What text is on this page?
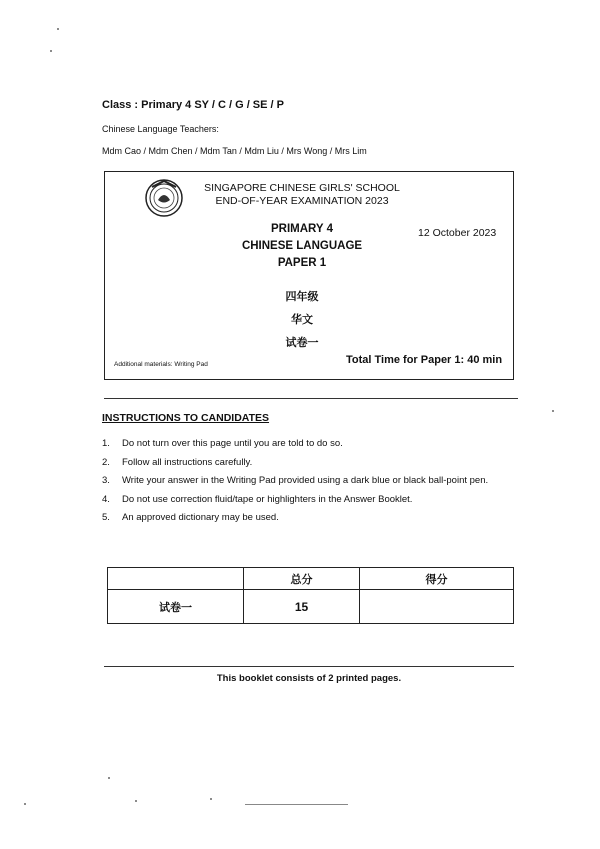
Class : Primary 4 SY / C / G / SE / P
Chinese Language Teachers:
Mdm Cao / Mdm Chen / Mdm Tan / Mdm Liu / Mrs Wong / Mrs Lim
SINGAPORE CHINESE GIRLS' SCHOOL
END-OF-YEAR EXAMINATION 2023
PRIMARY 4
CHINESE LANGUAGE
PAPER 1
12 October 2023
四年级
华文
试卷一
Additional materials: Writing Pad	Total Time for Paper 1: 40 min
INSTRUCTIONS TO CANDIDATES
1.	Do not turn over this page until you are told to do so.
2.	Follow all instructions carefully.
3.	Write your answer in the Writing Pad provided using a dark blue or black ball-point pen.
4.	Do not use correction fluid/tape or highlighters in the Answer Booklet.
5.	An approved dictionary may be used.
	总分	得分
试卷一	15	
This booklet consists of 2 printed pages.
